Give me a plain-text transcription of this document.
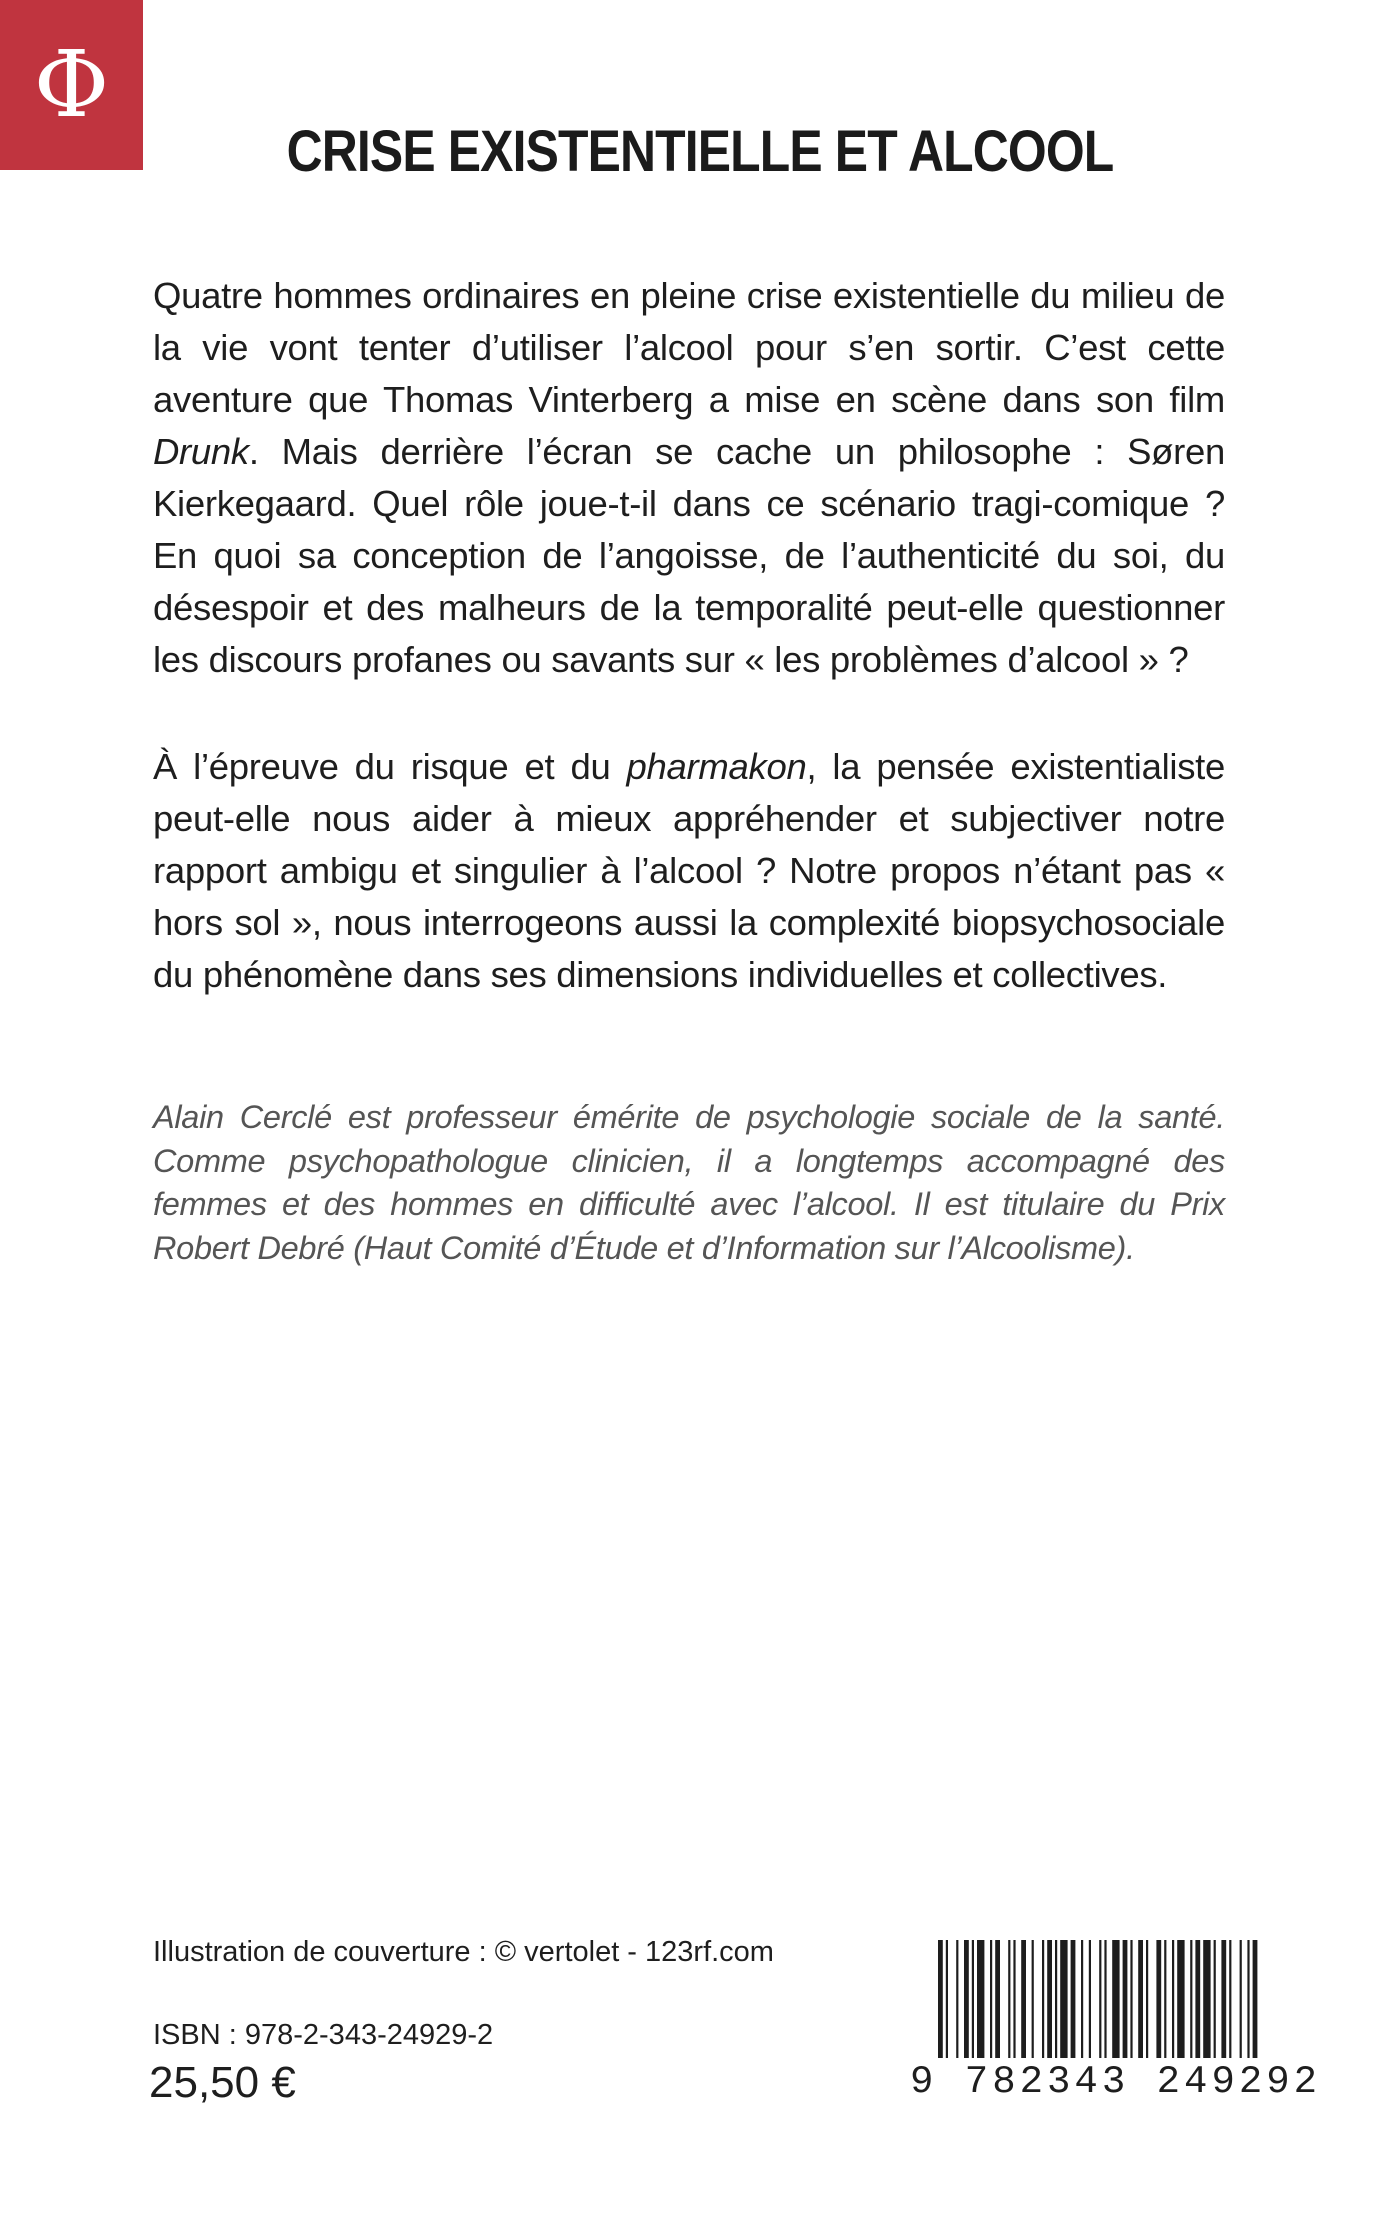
Φ
CRISE EXISTENTIELLE ET ALCOOL

Quatre hommes ordinaires en pleine crise existentielle du milieu de la vie vont tenter d’utiliser l’alcool pour s’en sortir. C’est cette aventure que Thomas Vinterberg a mise en scène dans son film Drunk. Mais derrière l’écran se cache un philosophe : Søren Kierkegaard. Quel rôle joue-t-il dans ce scénario tragi-comique ? En quoi sa conception de l’angoisse, de l’authenticité du soi, du désespoir et des malheurs de la temporalité peut-elle questionner les discours profanes ou savants sur « les problèmes d’alcool » ?

À l’épreuve du risque et du pharmakon, la pensée existentialiste peut-elle nous aider à mieux appréhender et subjectiver notre rapport ambigu et singulier à l’alcool ? Notre propos n’étant pas « hors sol », nous interrogeons aussi la complexité biopsychosociale du phénomène dans ses dimensions individuelles et collectives.

Alain Cerclé est professeur émérite de psychologie sociale de la santé. Comme psychopathologue clinicien, il a longtemps accompagné des femmes et des hommes en difficulté avec l’alcool. Il est titulaire du Prix Robert Debré (Haut Comité d’Étude et d’Information sur l’Alcoolisme).

Illustration de couverture : © vertolet - 123rf.com
ISBN : 978-2-343-24929-2
25,50 €	9 782343 249292
